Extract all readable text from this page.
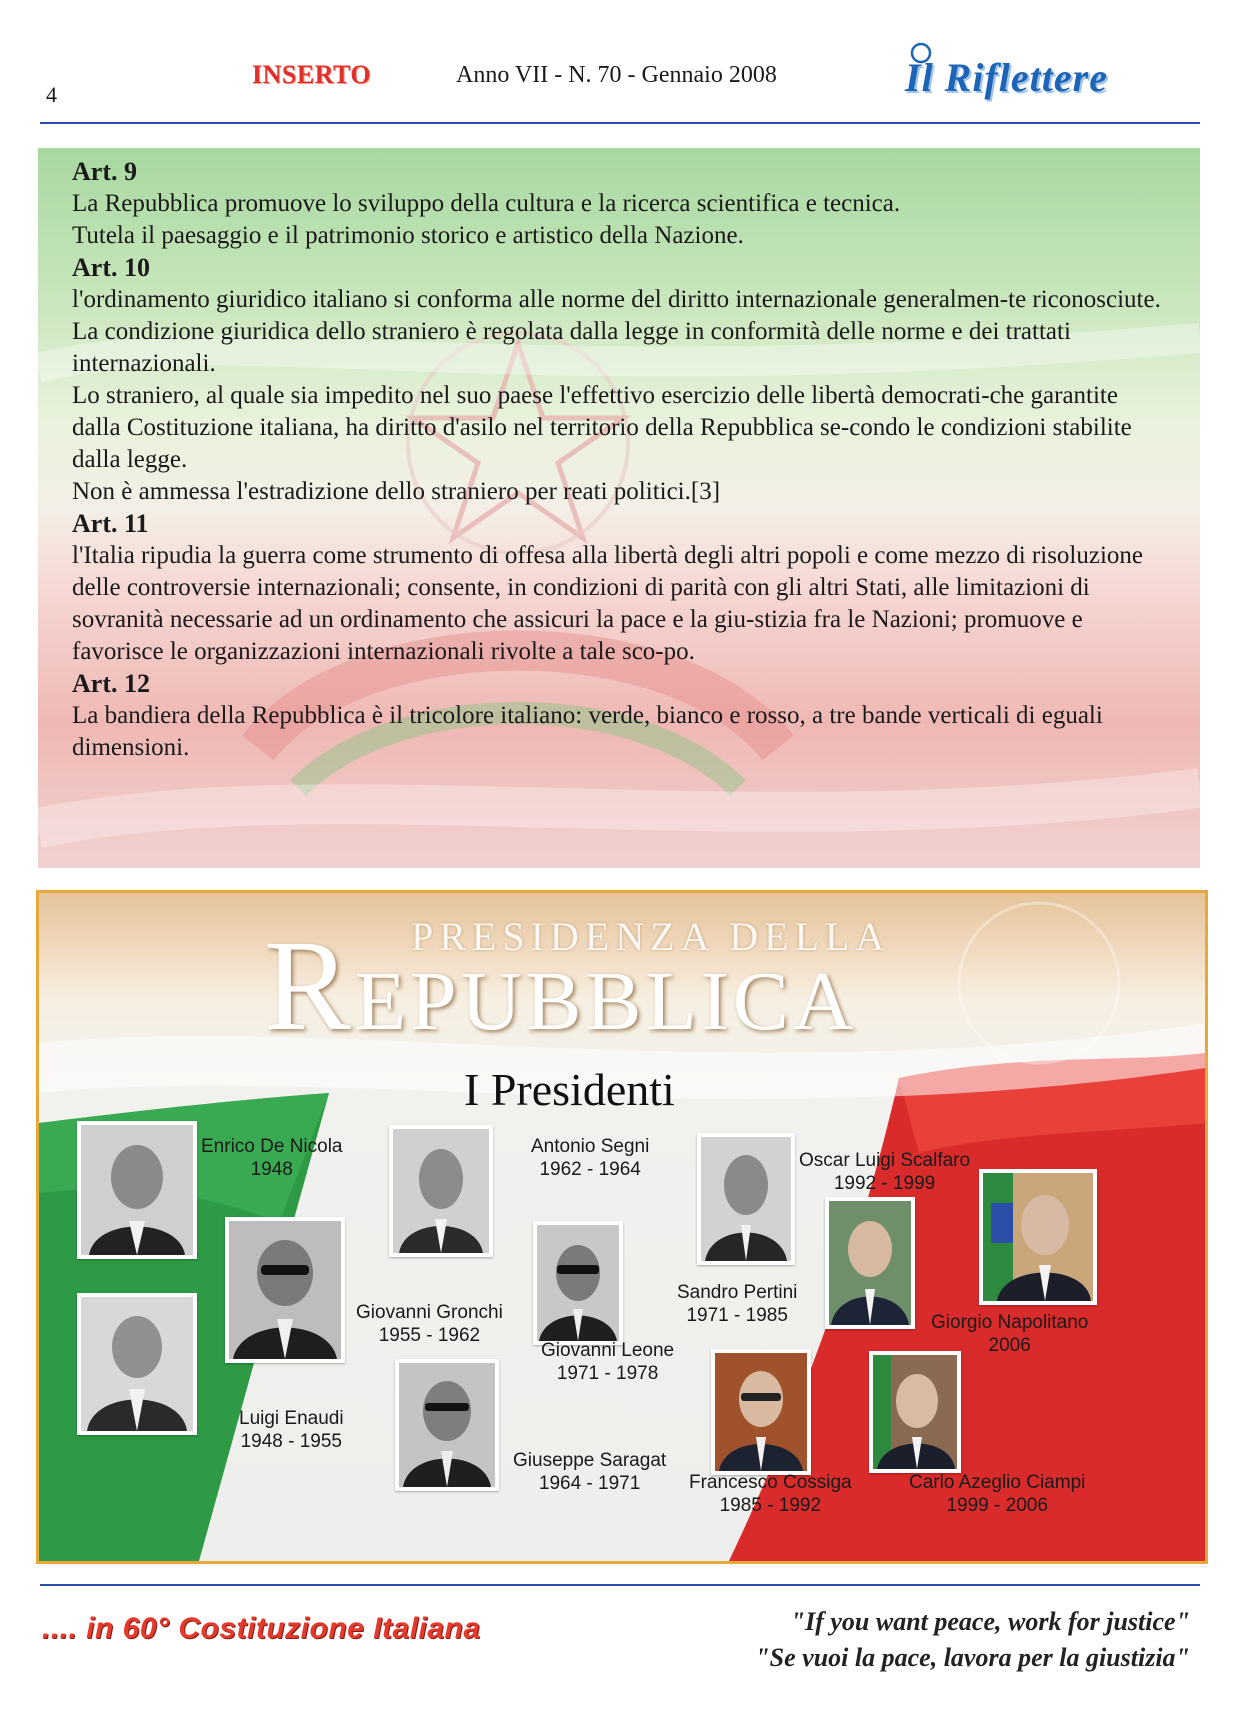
4
INSERTO	Anno VII - N. 70 - Gennaio 2008	Il Riflettere

Art. 9

La Repubblica promuove lo sviluppo della cultura e la ricerca scientifica e tecnica.

Tutela il paesaggio e il patrimonio storico e artistico della Nazione.

Art. 10

l'ordinamento giuridico italiano si conforma alle norme del diritto internazionale generalmen-te riconosciute.

La condizione giuridica dello straniero è regolata dalla legge in conformità delle norme e dei trattati internazionali.

Lo straniero, al quale sia impedito nel suo paese l'effettivo esercizio delle libertà democrati-che garantite dalla Costituzione italiana, ha diritto d'asilo nel territorio della Repubblica se-condo le condizioni stabilite dalla legge.

Non è ammessa l'estradizione dello straniero per reati politici.[3]

Art. 11

l'Italia ripudia la guerra come strumento di offesa alla libertà degli altri popoli e come mezzo di risoluzione delle controversie internazionali; consente, in condizioni di parità con gli altri Stati, alle limitazioni di sovranità necessarie ad un ordinamento che assicuri la pace e la giu-stizia fra le Nazioni; promuove e favorisce le organizzazioni internazionali rivolte a tale sco-po.

Art. 12

La bandiera della Repubblica è il tricolore italiano: verde, bianco e rosso, a tre bande verticali di eguali dimensioni.

PRESIDENZA DELLA
REPUBBLICA
I Presidenti
Enrico De Nicola
1948
Luigi Enaudi
1948 - 1955
Giovanni Gronchi
1955 - 1962
Antonio Segni
1962 - 1964
Giuseppe Saragat
1964 - 1971
Giovanni Leone
1971 - 1978
Sandro Pertini
1971 - 1985
Oscar Luigi Scalfaro
1992 - 1999
Francesco Cossiga
1985 - 1992
Giorgio Napolitano
2006
Carlo Azeglio Ciampi
1999 - 2006
.... in 60° Costituzione Italiana	"If you want peace, work for justice"
"Se vuoi la pace, lavora per la giustizia"
